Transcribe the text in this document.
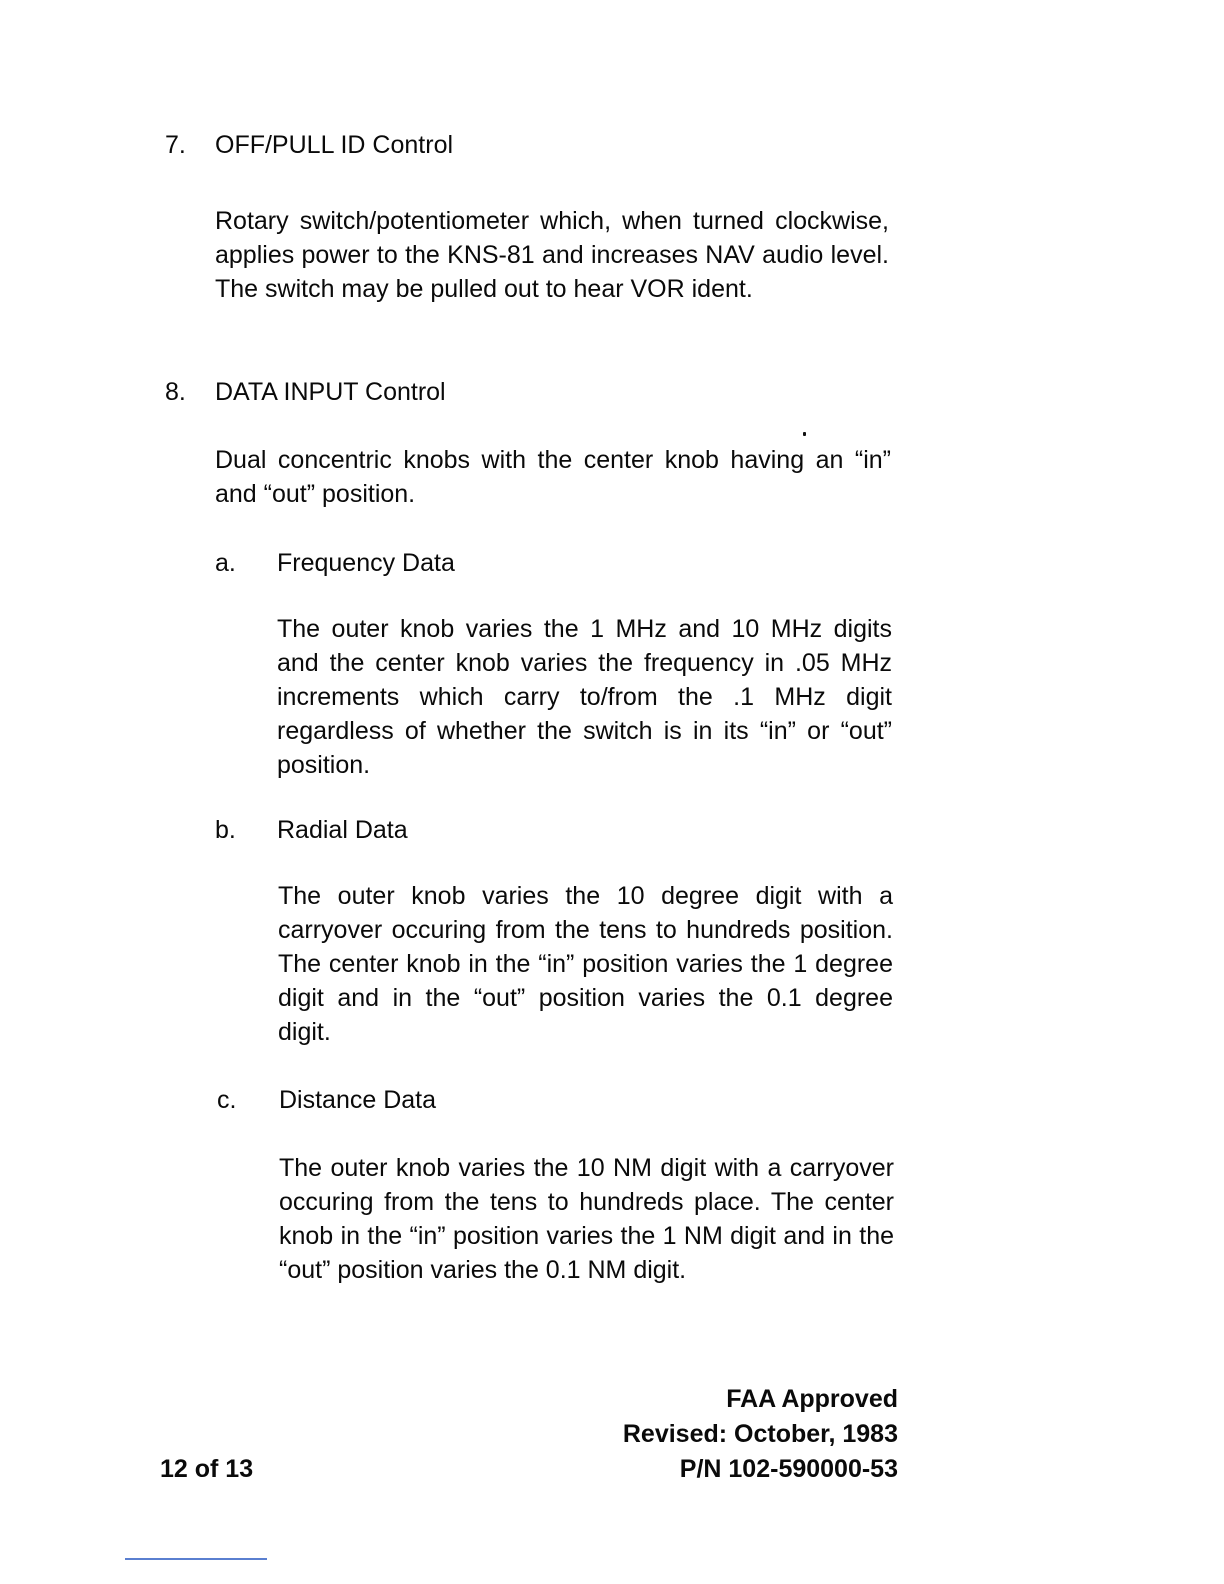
7. OFF/PULL ID Control
Rotary switch/potentiometer which, when turned clockwise, applies power to the KNS-81 and increases NAV audio level. The switch may be pulled out to hear VOR ident.
8. DATA INPUT Control
Dual concentric knobs with the center knob having an “in” and “out” position.
a. Frequency Data
The outer knob varies the 1 MHz and 10 MHz digits and the center knob varies the frequency in .05 MHz increments which carry to/from the .1 MHz digit regardless of whether the switch is in its “in” or “out” position.
b. Radial Data
The outer knob varies the 10 degree digit with a carryover occuring from the tens to hundreds position. The center knob in the “in” position varies the 1 degree digit and in the “out” position varies the 0.1 degree digit.
c. Distance Data
The outer knob varies the 10 NM digit with a carryover occuring from the tens to hundreds place. The center knob in the “in” position varies the 1 NM digit and in the “out” position varies the 0.1 NM digit.
FAA Approved
Revised: October, 1983
12 of 13	P/N 102-590000-53
